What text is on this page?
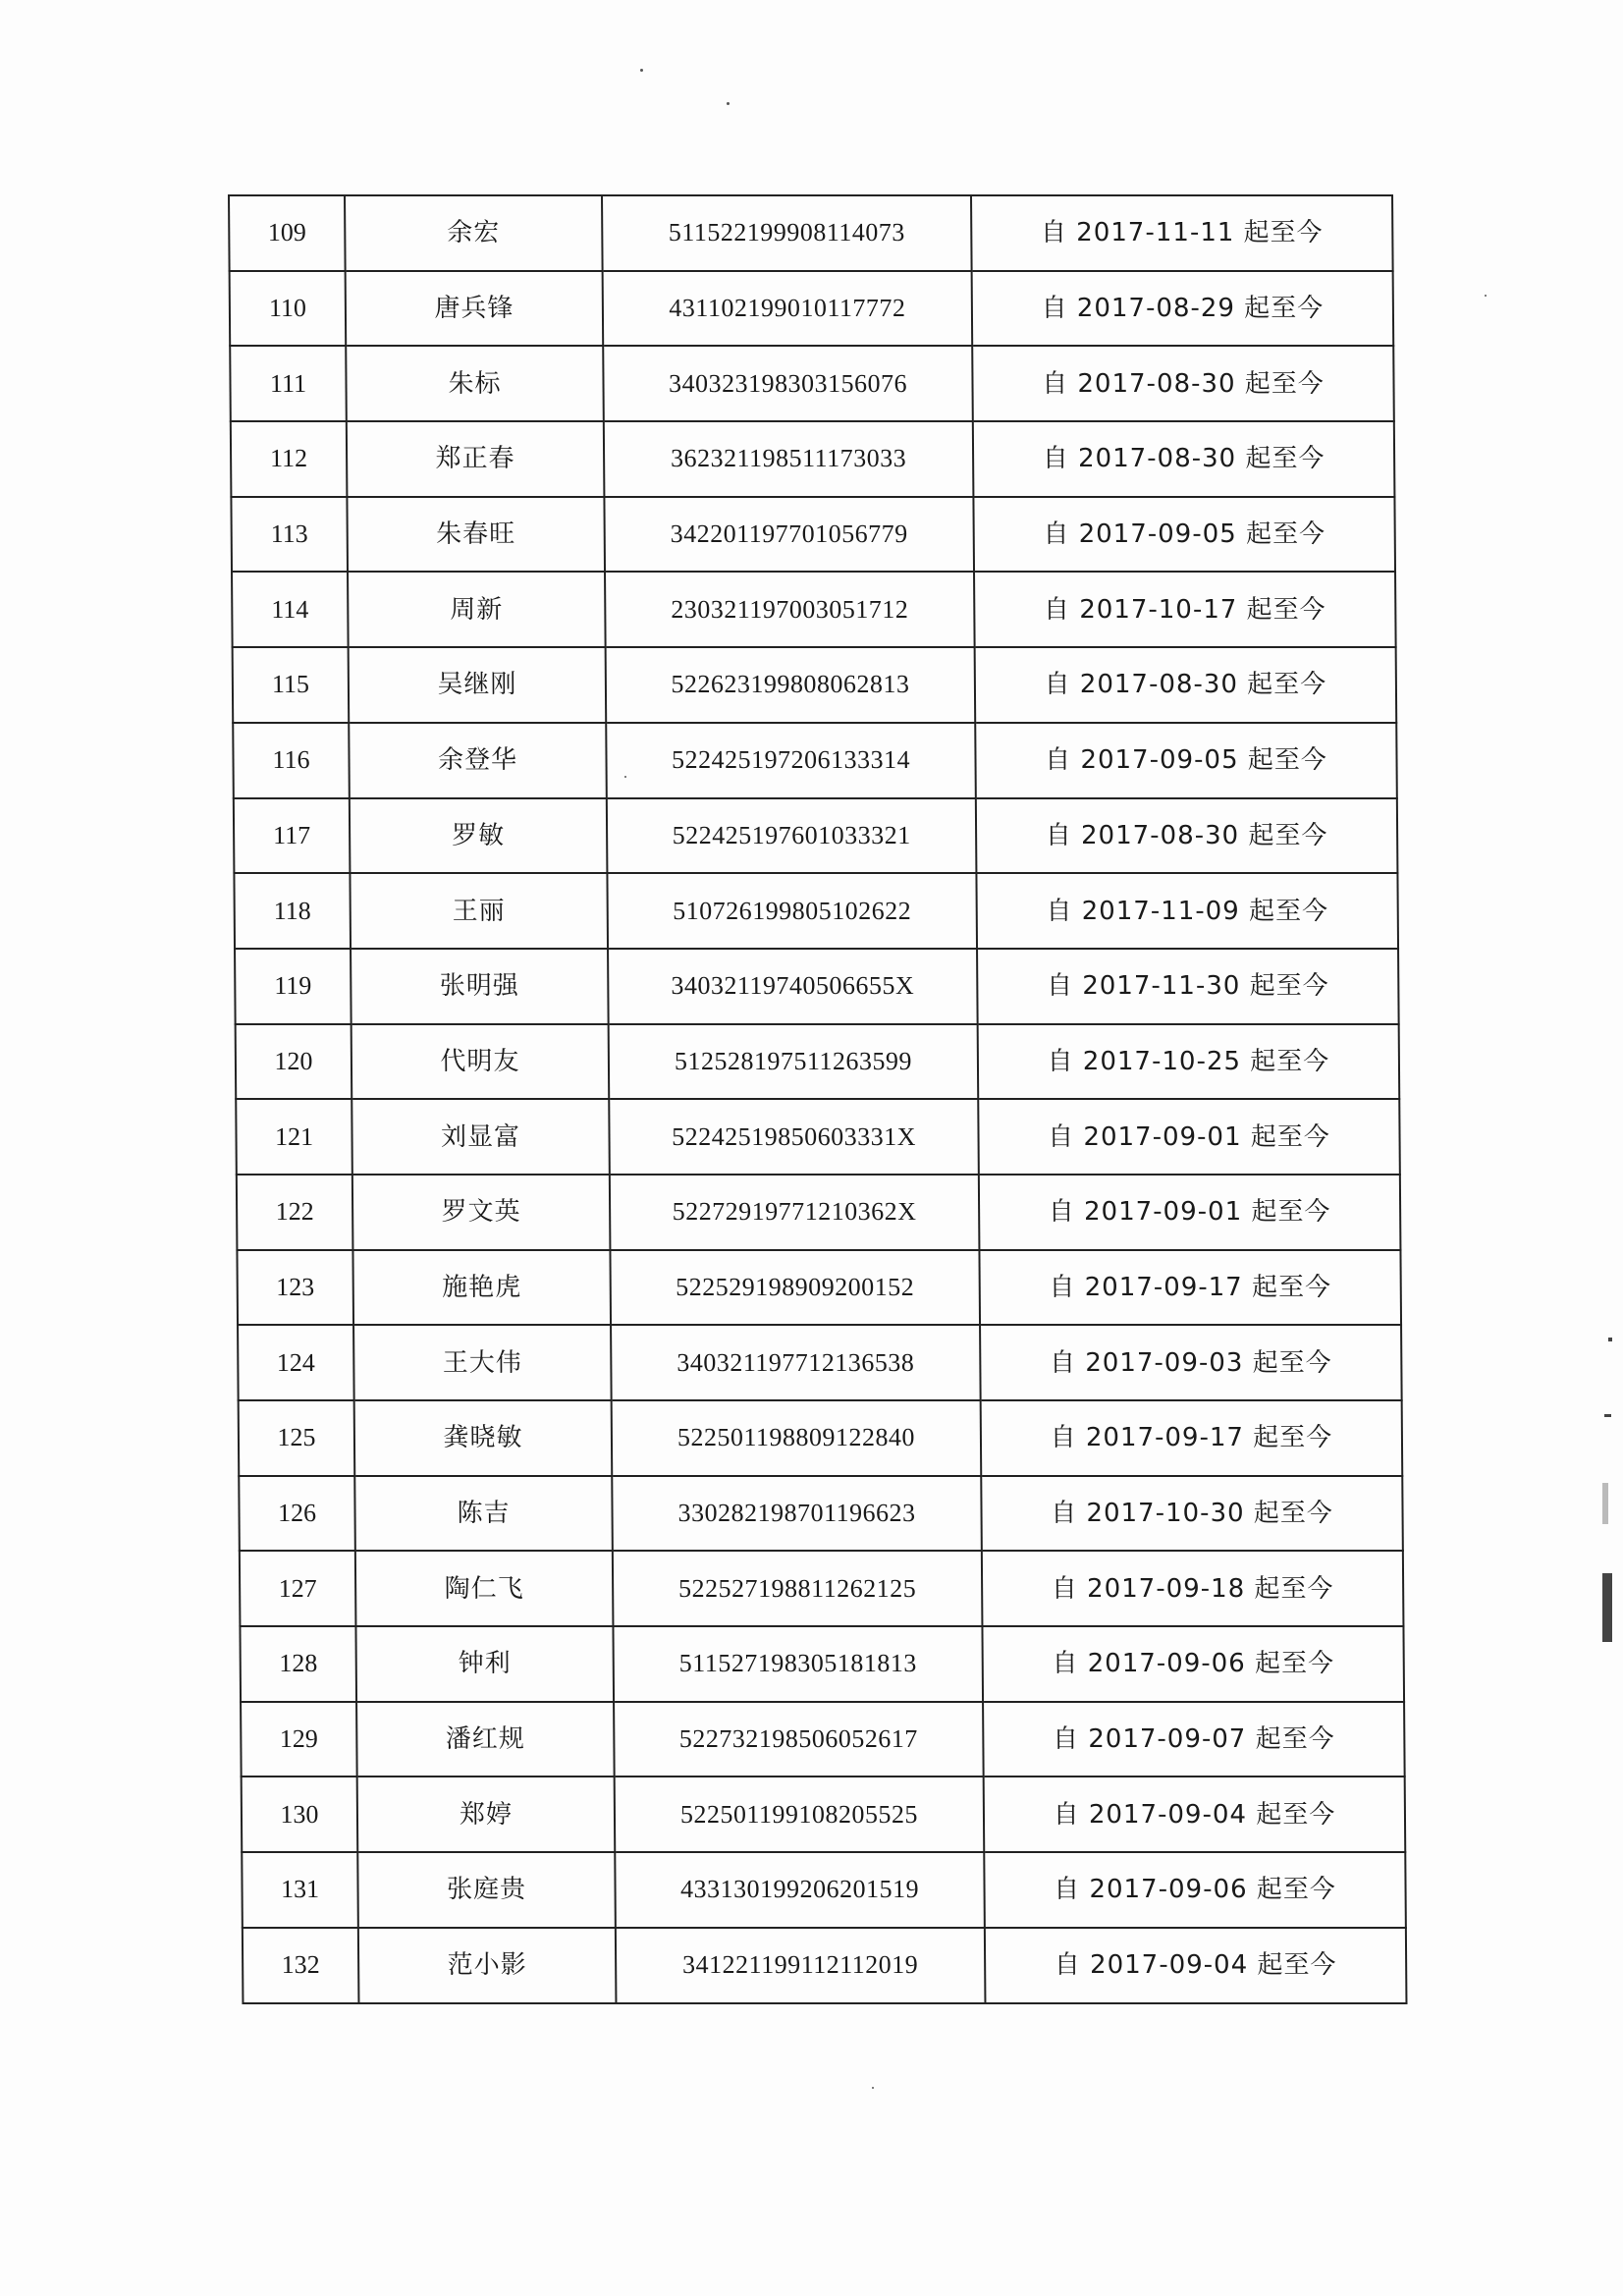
109	余宏	511522199908114073	自 2017-11-11 起至今
110	唐兵锋	431102199010117772	自 2017-08-29 起至今
111	朱标	340323198303156076	自 2017-08-30 起至今
112	郑正春	362321198511173033	自 2017-08-30 起至今
113	朱春旺	342201197701056779	自 2017-09-05 起至今
114	周新	230321197003051712	自 2017-10-17 起至今
115	吴继刚	522623199808062813	自 2017-08-30 起至今
116	余登华	522425197206133314	自 2017-09-05 起至今
117	罗敏	522425197601033321	自 2017-08-30 起至今
118	王丽	510726199805102622	自 2017-11-09 起至今
119	张明强	34032119740506655X	自 2017-11-30 起至今
120	代明友	512528197511263599	自 2017-10-25 起至今
121	刘显富	52242519850603331X	自 2017-09-01 起至今
122	罗文英	52272919771210362X	自 2017-09-01 起至今
123	施艳虎	522529198909200152	自 2017-09-17 起至今
124	王大伟	340321197712136538	自 2017-09-03 起至今
125	龚晓敏	522501198809122840	自 2017-09-17 起至今
126	陈吉	330282198701196623	自 2017-10-30 起至今
127	陶仁飞	522527198811262125	自 2017-09-18 起至今
128	钟利	511527198305181813	自 2017-09-06 起至今
129	潘红规	522732198506052617	自 2017-09-07 起至今
130	郑婷	522501199108205525	自 2017-09-04 起至今
131	张庭贵	433130199206201519	自 2017-09-06 起至今
132	范小影	341221199112112019	自 2017-09-04 起至今
